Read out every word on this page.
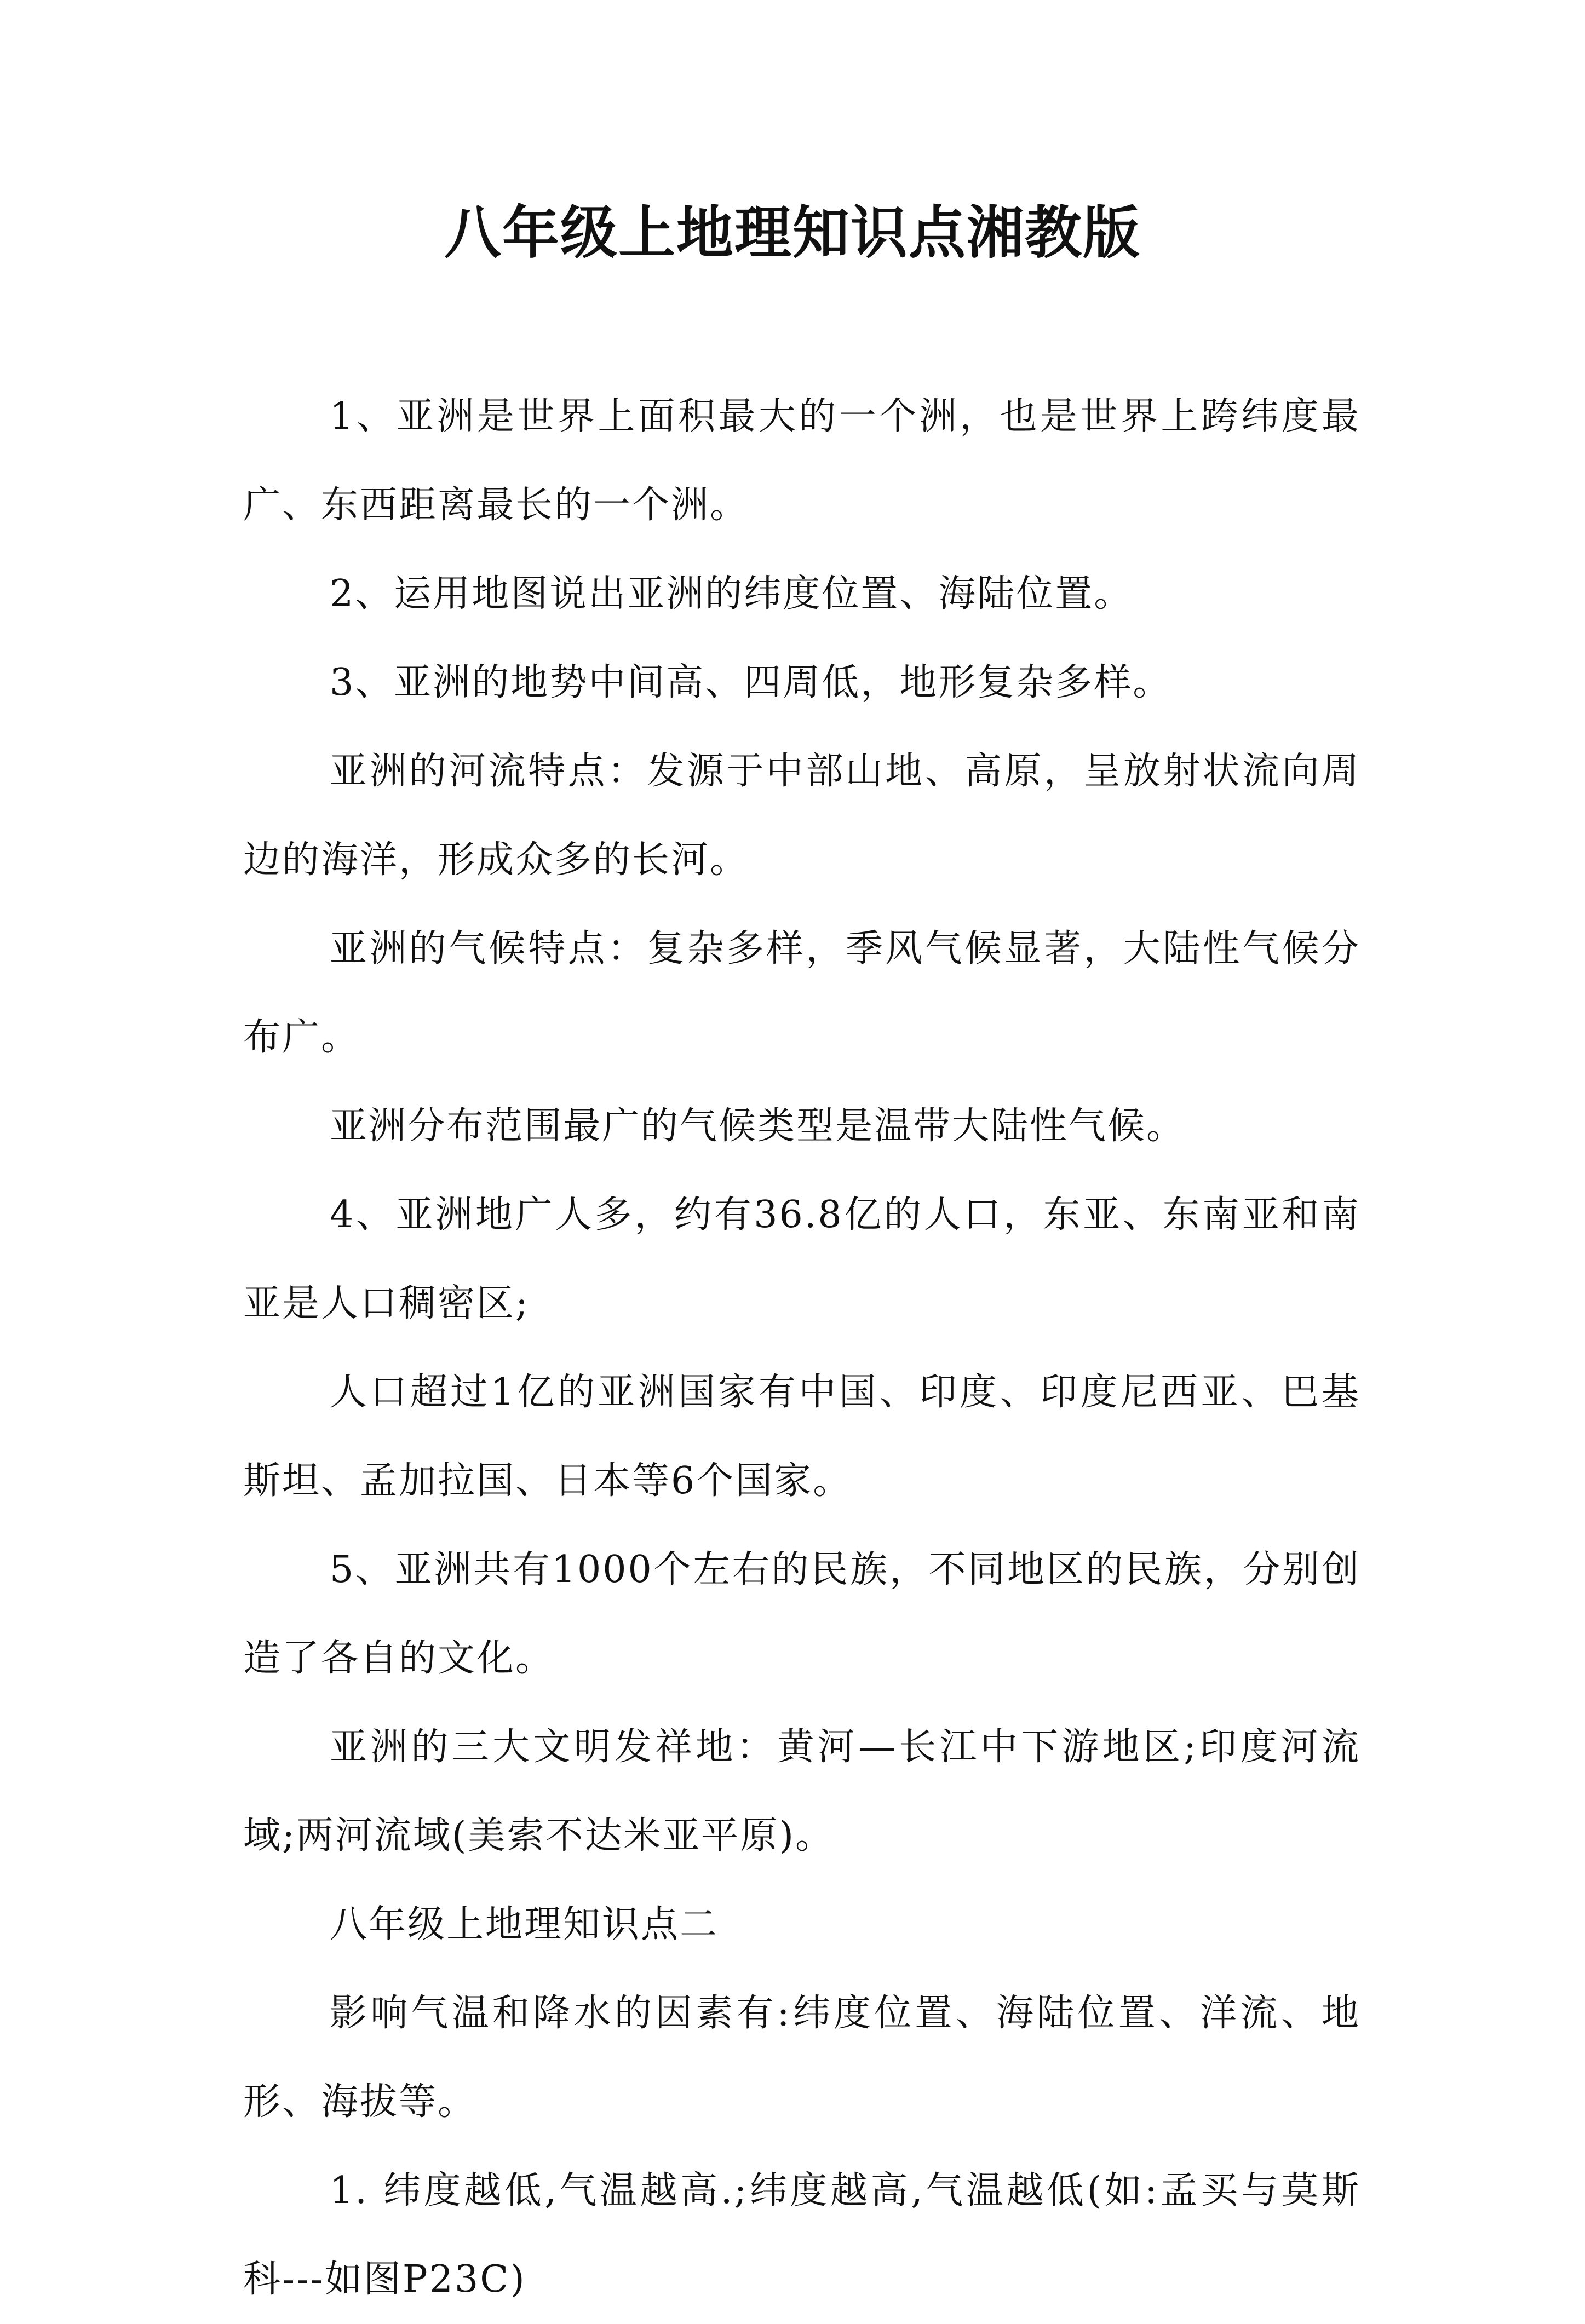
八年级上地理知识点湘教版

1、亚洲是世界上面积最大的一个洲，也是世界上跨纬度最广、东西距离最长的一个洲。

2、运用地图说出亚洲的纬度位置、海陆位置。

3、亚洲的地势中间高、四周低，地形复杂多样。

亚洲的河流特点：发源于中部山地、高原，呈放射状流向周边的海洋，形成众多的长河。

亚洲的气候特点：复杂多样，季风气候显著，大陆性气候分布广。

亚洲分布范围最广的气候类型是温带大陆性气候。

4、亚洲地广人多，约有36.8亿的人口，东亚、东南亚和南亚是人口稠密区;

人口超过1亿的亚洲国家有中国、印度、印度尼西亚、巴基斯坦、孟加拉国、日本等6个国家。

5、亚洲共有1000个左右的民族，不同地区的民族，分别创造了各自的文化。

亚洲的三大文明发祥地：黄河—长江中下游地区;印度河流域;两河流域(美索不达米亚平原)。

八年级上地理知识点二

影响气温和降水的因素有:纬度位置、海陆位置、洋流、地形、海拔等。

1. 纬度越低,气温越高.;纬度越高,气温越低(如:孟买与莫斯科---如图P23C)
